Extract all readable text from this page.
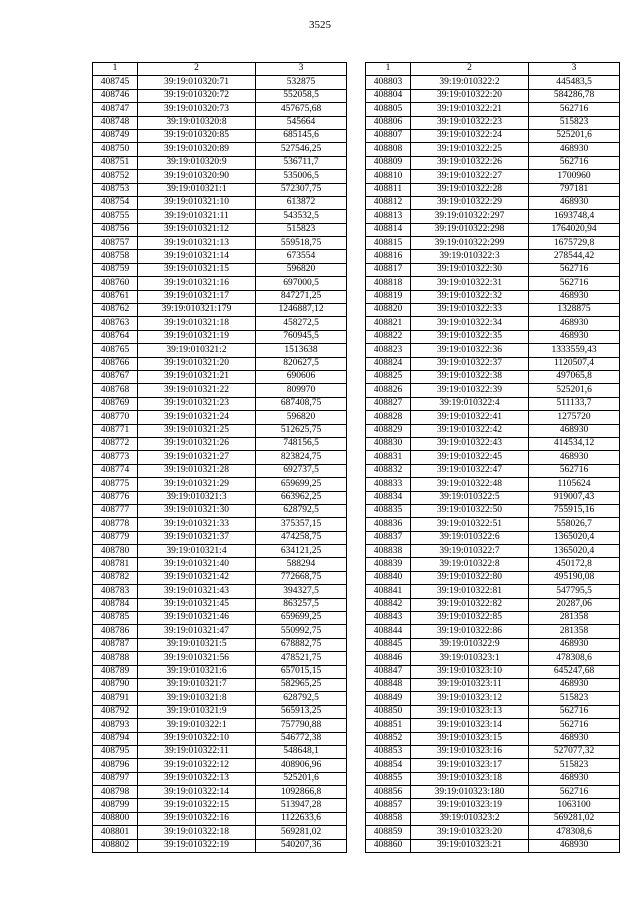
3525
1	2	3
408745	39:19:010320:71	532875
408746	39:19:010320:72	552058,5
408747	39:19:010320:73	457675,68
408748	39:19:010320:8	545664
408749	39:19:010320:85	685145,6
408750	39:19:010320:89	527546,25
408751	39:19:010320:9	536711,7
408752	39:19:010320:90	535006,5
408753	39:19:010321:1	572307,75
408754	39:19:010321:10	613872
408755	39:19:010321:11	543532,5
408756	39:19:010321:12	515823
408757	39:19:010321:13	559518,75
408758	39:19:010321:14	673554
408759	39:19:010321:15	596820
408760	39:19:010321:16	697000,5
408761	39:19:010321:17	847271,25
408762	39:19:010321:179	1246887,12
408763	39:19:010321:18	458272,5
408764	39:19:010321:19	760945,5
408765	39:19:010321:2	1513638
408766	39:19:010321:20	820627,5
408767	39:19:010321:21	690606
408768	39:19:010321:22	809970
408769	39:19:010321:23	687408,75
408770	39:19:010321:24	596820
408771	39:19:010321:25	512625,75
408772	39:19:010321:26	748156,5
408773	39:19:010321:27	823824,75
408774	39:19:010321:28	692737,5
408775	39:19:010321:29	659699,25
408776	39:19:010321:3	663962,25
408777	39:19:010321:30	628792,5
408778	39:19:010321:33	375357,15
408779	39:19:010321:37	474258,75
408780	39:19:010321:4	634121,25
408781	39:19:010321:40	588294
408782	39:19:010321:42	772668,75
408783	39:19:010321:43	394327,5
408784	39:19:010321:45	863257,5
408785	39:19:010321:46	659699,25
408786	39:19:010321:47	550992,75
408787	39:19:010321:5	678882,75
408788	39:19:010321:56	478521,75
408789	39:19:010321:6	657015,15
408790	39:19:010321:7	582965,25
408791	39:19:010321:8	628792,5
408792	39:19:010321:9	565913,25
408793	39:19:010322:1	757790,88
408794	39:19:010322:10	546772,38
408795	39:19:010322:11	548648,1
408796	39:19:010322:12	408906,96
408797	39:19:010322:13	525201,6
408798	39:19:010322:14	1092866,8
408799	39:19:010322:15	513947,28
408800	39:19:010322:16	1122633,6
408801	39:19:010322:18	569281,02
408802	39:19:010322:19	540207,36
1	2	3
408803	39:19:010322:2	445483,5
408804	39:19:010322:20	584286,78
408805	39:19:010322:21	562716
408806	39:19:010322:23	515823
408807	39:19:010322:24	525201,6
408808	39:19:010322:25	468930
408809	39:19:010322:26	562716
408810	39:19:010322:27	1700960
408811	39:19:010322:28	797181
408812	39:19:010322:29	468930
408813	39:19:010322:297	1693748,4
408814	39:19:010322:298	1764020,94
408815	39:19:010322:299	1675729,8
408816	39:19:010322:3	278544,42
408817	39:19:010322:30	562716
408818	39:19:010322:31	562716
408819	39:19:010322:32	468930
408820	39:19:010322:33	1328875
408821	39:19:010322:34	468930
408822	39:19:010322:35	468930
408823	39:19:010322:36	1333559,43
408824	39:19:010322:37	1120507,4
408825	39:19:010322:38	497065,8
408826	39:19:010322:39	525201,6
408827	39:19:010322:4	511133,7
408828	39:19:010322:41	1275720
408829	39:19:010322:42	468930
408830	39:19:010322:43	414534,12
408831	39:19:010322:45	468930
408832	39:19:010322:47	562716
408833	39:19:010322:48	1105624
408834	39:19:010322:5	919007,43
408835	39:19:010322:50	755915,16
408836	39:19:010322:51	558026,7
408837	39:19:010322:6	1365020,4
408838	39:19:010322:7	1365020,4
408839	39:19:010322:8	450172,8
408840	39:19:010322:80	495190,08
408841	39:19:010322:81	547795,5
408842	39:19:010322:82	20287,06
408843	39:19:010322:85	281358
408844	39:19:010322:86	281358
408845	39:19:010322:9	468930
408846	39:19:010323:1	478308,6
408847	39:19:010323:10	645247,68
408848	39:19:010323:11	468930
408849	39:19:010323:12	515823
408850	39:19:010323:13	562716
408851	39:19:010323:14	562716
408852	39:19:010323:15	468930
408853	39:19:010323:16	527077,32
408854	39:19:010323:17	515823
408855	39:19:010323:18	468930
408856	39:19:010323:180	562716
408857	39:19:010323:19	1063100
408858	39:19:010323:2	569281,02
408859	39:19:010323:20	478308,6
408860	39:19:010323:21	468930
